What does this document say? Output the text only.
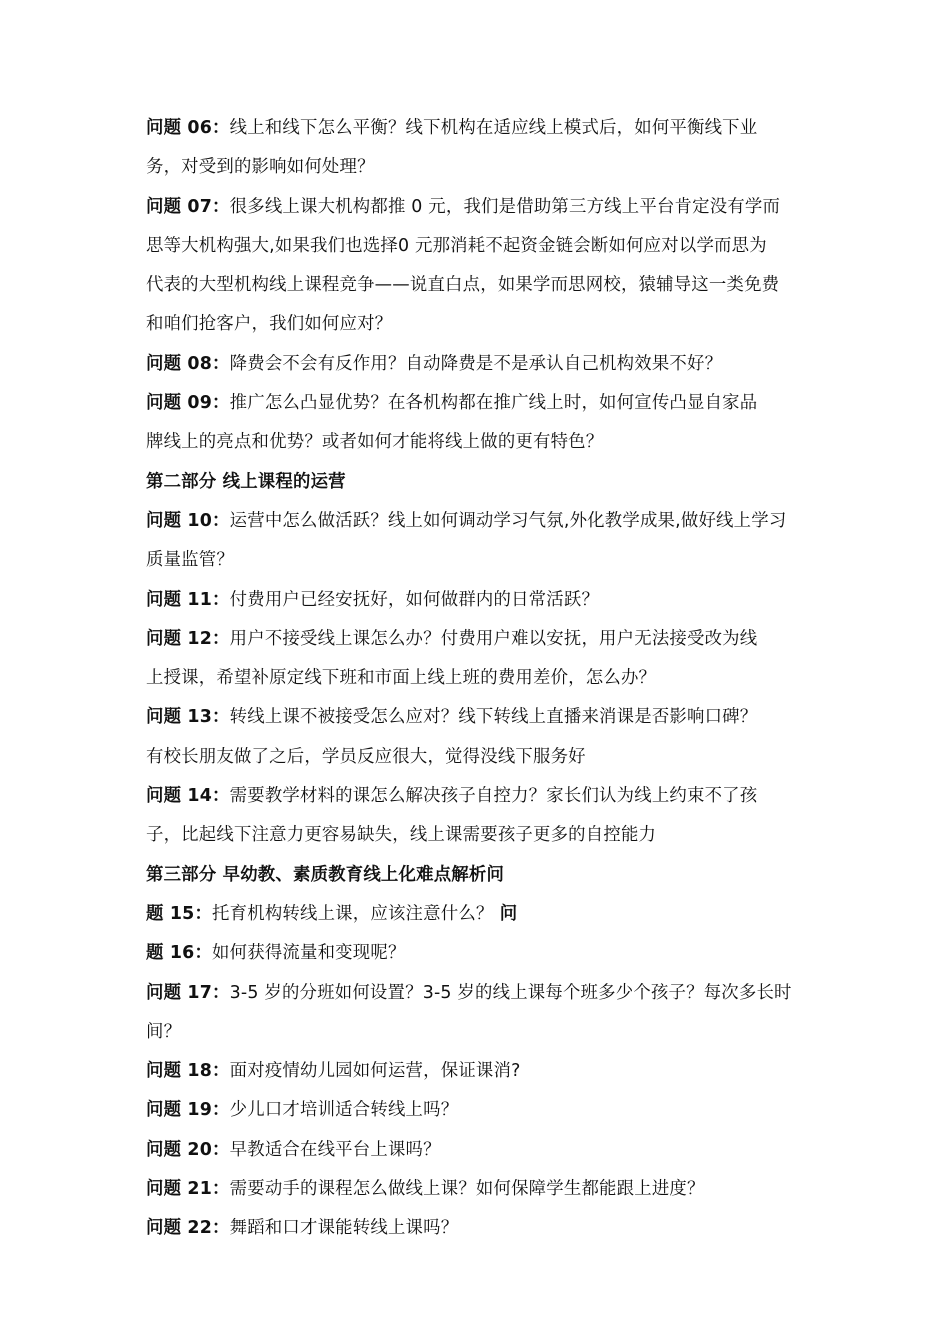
问题 06：线上和线下怎么平衡？线下机构在适应线上模式后，如何平衡线下业
务，对受到的影响如何处理？
问题 07：很多线上课大机构都推 0 元，我们是借助第三方线上平台肯定没有学而
思等大机构强大,如果我们也选择0 元那消耗不起资金链会断如何应对以学而思为
代表的大型机构线上课程竞争——说直白点，如果学而思网校，猿辅导这一类免费
和咱们抢客户，我们如何应对？
问题 08：降费会不会有反作用？自动降费是不是承认自己机构效果不好？
问题 09：推广怎么凸显优势？在各机构都在推广线上时，如何宣传凸显自家品
牌线上的亮点和优势？或者如何才能将线上做的更有特色？
第二部分 线上课程的运营
问题 10：运营中怎么做活跃？线上如何调动学习气氛,外化教学成果,做好线上学习
质量监管？
问题 11：付费用户已经安抚好，如何做群内的日常活跃？
问题 12：用户不接受线上课怎么办？付费用户难以安抚，用户无法接受改为线
上授课，希望补原定线下班和市面上线上班的费用差价，怎么办？
问题 13：转线上课不被接受怎么应对？线下转线上直播来消课是否影响口碑？
有校长朋友做了之后，学员反应很大，觉得没线下服务好
问题 14：需要教学材料的课怎么解决孩子自控力？家长们认为线上约束不了孩
子，比起线下注意力更容易缺失，线上课需要孩子更多的自控能力
第三部分 早幼教、素质教育线上化难点解析问
题 15：托育机构转线上课，应该注意什么？ 问
题 16：如何获得流量和变现呢？
问题 17：3-5 岁的分班如何设置？3-5 岁的线上课每个班多少个孩子？每次多长时
间？
问题 18：面对疫情幼儿园如何运营，保证课消?
问题 19：少儿口才培训适合转线上吗？
问题 20：早教适合在线平台上课吗？
问题 21：需要动手的课程怎么做线上课？如何保障学生都能跟上进度？
问题 22：舞蹈和口才课能转线上课吗？
